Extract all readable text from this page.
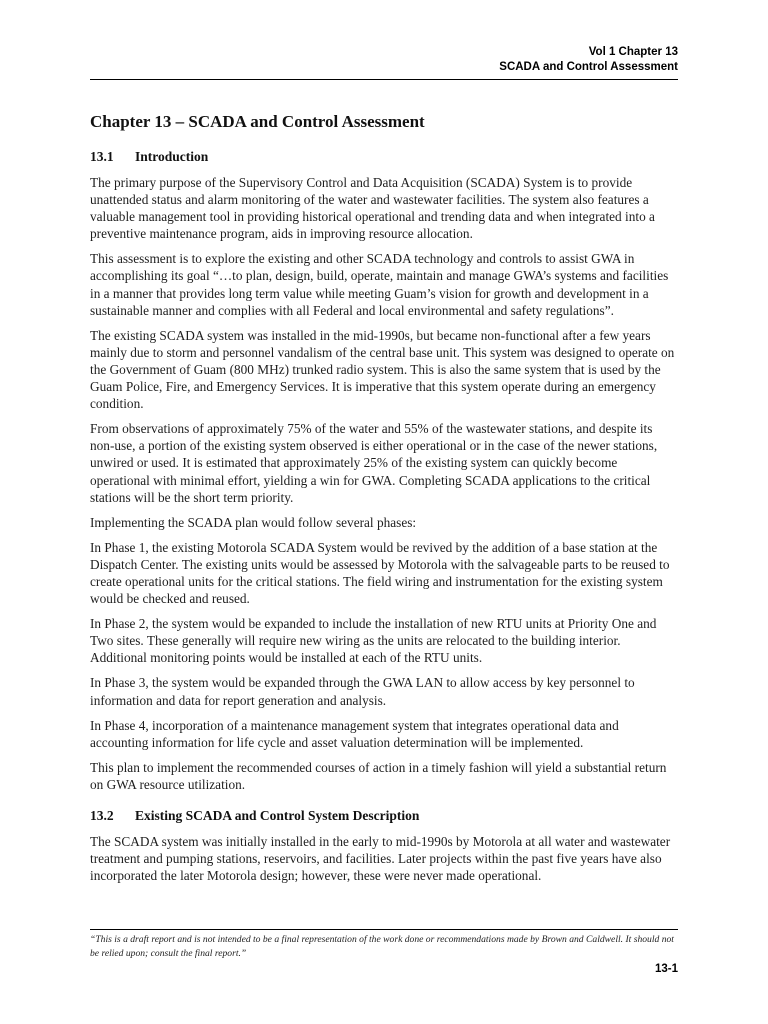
Vol 1 Chapter 13
SCADA and Control Assessment
Chapter 13 – SCADA and Control Assessment
13.1 Introduction

The primary purpose of the Supervisory Control and Data Acquisition (SCADA) System is to provide unattended status and alarm monitoring of the water and wastewater facilities. The system also features a valuable management tool in providing historical operational and trending data and when integrated into a preventive maintenance program, aids in improving resource allocation.

This assessment is to explore the existing and other SCADA technology and controls to assist GWA in accomplishing its goal “…to plan, design, build, operate, maintain and manage GWA’s systems and facilities in a manner that provides long term value while meeting Guam’s vision for growth and development in a sustainable manner and complies with all Federal and local environmental and safety regulations”.

The existing SCADA system was installed in the mid-1990s, but became non-functional after a few years mainly due to storm and personnel vandalism of the central base unit. This system was designed to operate on the Government of Guam (800 MHz) trunked radio system. This is also the same system that is used by the Guam Police, Fire, and Emergency Services. It is imperative that this system operate during an emergency condition.

From observations of approximately 75% of the water and 55% of the wastewater stations, and despite its non-use, a portion of the existing system observed is either operational or in the case of the newer stations, unwired or used. It is estimated that approximately 25% of the existing system can quickly become operational with minimal effort, yielding a win for GWA. Completing SCADA applications to the critical stations will be the short term priority.

Implementing the SCADA plan would follow several phases:

In Phase 1, the existing Motorola SCADA System would be revived by the addition of a base station at the Dispatch Center. The existing units would be assessed by Motorola with the salvageable parts to be reused to create operational units for the critical stations. The field wiring and instrumentation for the existing system would be checked and reused.

In Phase 2, the system would be expanded to include the installation of new RTU units at Priority One and Two sites. These generally will require new wiring as the units are relocated to the building interior. Additional monitoring points would be installed at each of the RTU units.

In Phase 3, the system would be expanded through the GWA LAN to allow access by key personnel to information and data for report generation and analysis.

In Phase 4, incorporation of a maintenance management system that integrates operational data and accounting information for life cycle and asset valuation determination will be implemented.

This plan to implement the recommended courses of action in a timely fashion will yield a substantial return on GWA resource utilization.

13.2 Existing SCADA and Control System Description

The SCADA system was initially installed in the early to mid-1990s by Motorola at all water and wastewater treatment and pumping stations, reservoirs, and facilities. Later projects within the past five years have also incorporated the later Motorola design; however, these were never made operational.

“This is a draft report and is not intended to be a final representation of the work done or recommendations made by Brown and Caldwell. It should not be relied upon; consult the final report.”
13-1
